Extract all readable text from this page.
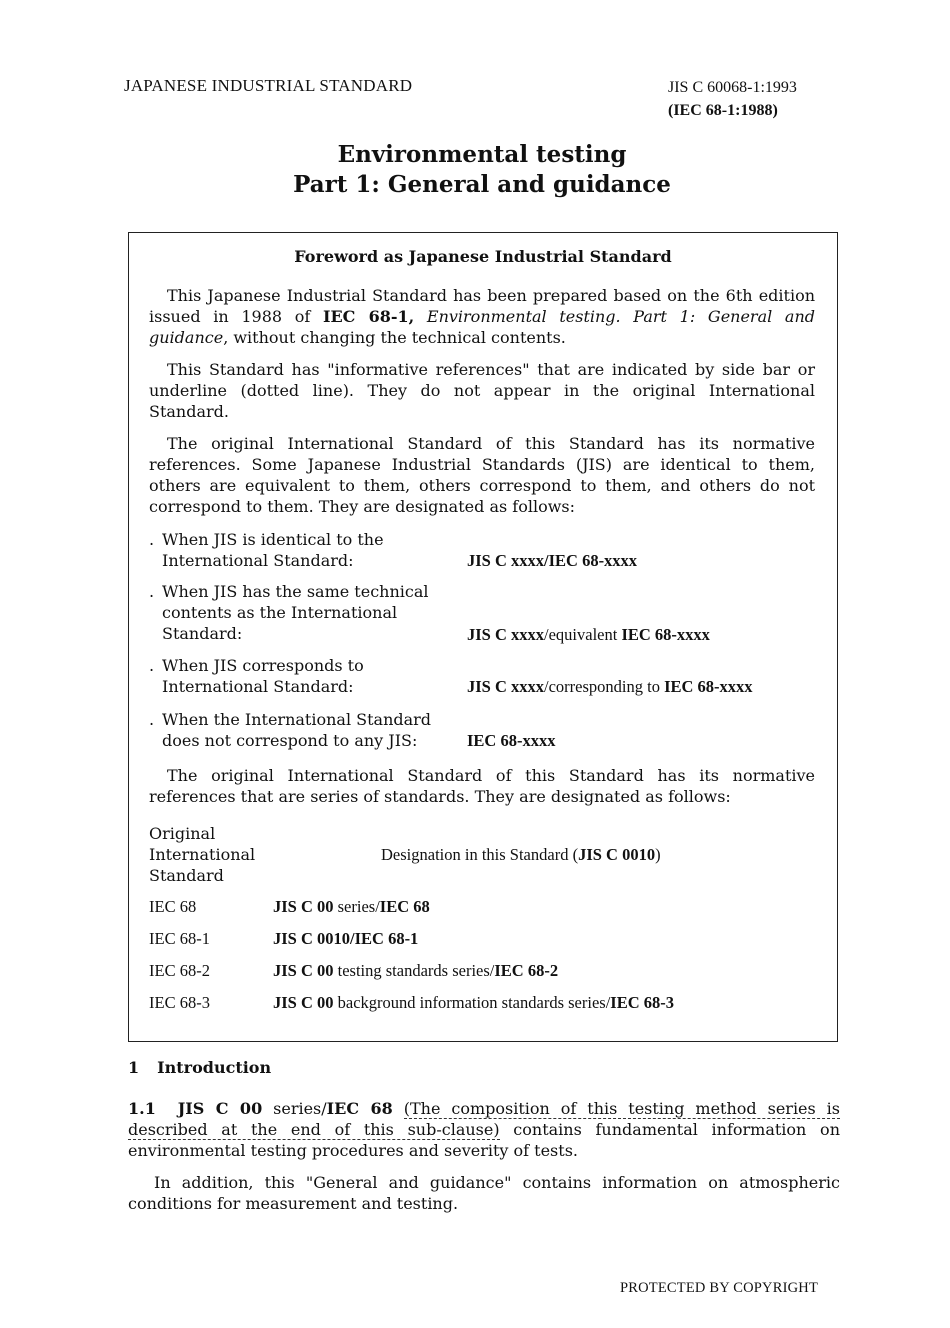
JAPANESE INDUSTRIAL STANDARD	JIS C 60068-1:1993
(IEC 68-1:1988)
Environmental testing
Part 1: General and guidance
Foreword as Japanese Industrial Standard

This Japanese Industrial Standard has been prepared based on the 6th edition issued in 1988 of IEC 68-1, Environmental testing. Part 1: General and guidance, without changing the technical contents.

This Standard has "informative references" that are indicated by side bar or underline (dotted line). They do not appear in the original International Standard.

The original International Standard of this Standard has its normative references. Some Japanese Industrial Standards (JIS) are identical to them, others are equivalent to them, others correspond to them, and others do not correspond to them. They are designated as follows:

. When JIS is identical to the International Standard:	JIS C xxxx/IEC 68-xxxx
. When JIS has the same technical contents as the International Standard:	JIS C xxxx/equivalent IEC 68-xxxx
. When JIS corresponds to International Standard:	JIS C xxxx/corresponding to IEC 68-xxxx
. When the International Standard does not correspond to any JIS:	IEC 68-xxxx

The original International Standard of this Standard has its normative references that are series of standards. They are designated as follows:

Original International Standard
Designation in this Standard (JIS C 0010)
IEC 68	JIS C 00 series/IEC 68
IEC 68-1	JIS C 0010/IEC 68-1
IEC 68-2	JIS C 00 testing standards series/IEC 68-2
IEC 68-3	JIS C 00 background information standards series/IEC 68-3
1 Introduction
1.1 JIS C 00 series/IEC 68 (The composition of this testing method series is described at the end of this sub-clause) contains fundamental information on environmental testing procedures and severity of tests.
In addition, this "General and guidance" contains information on atmospheric conditions for measurement and testing.
PROTECTED BY COPYRIGHT
